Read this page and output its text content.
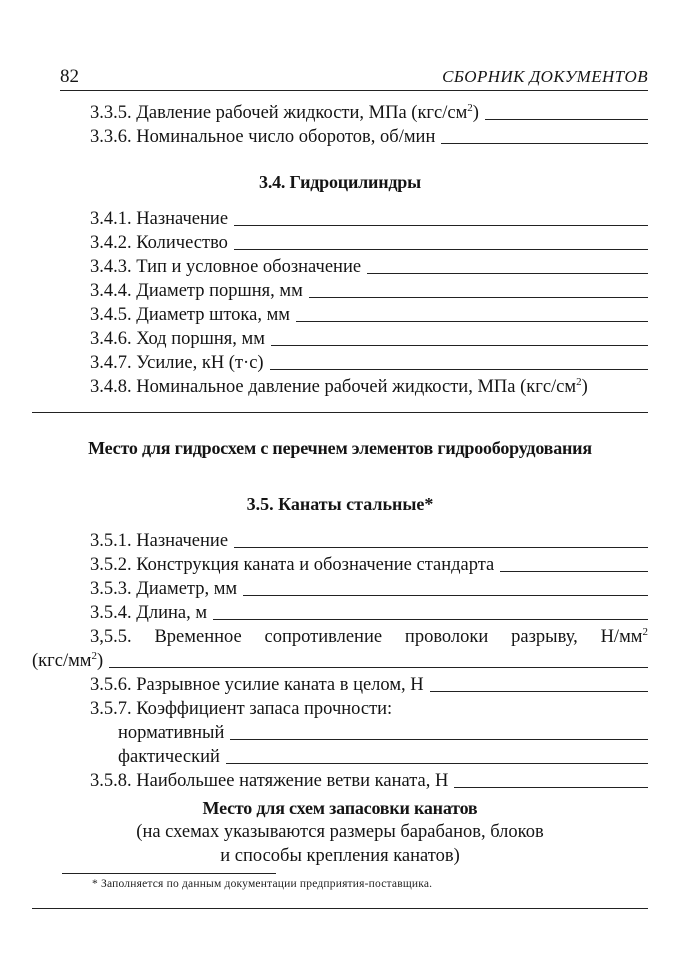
82	СБОРНИК ДОКУМЕНТОВ
3.3.5. Давление рабочей жидкости, МПа $(кгс/см^2)$
3.3.6. Номинальное число оборотов, об/мин
3.4. Гидроцилиндры
3.4.1. Назначение
3.4.2. Количество
3.4.3. Тип и условное обозначение
3.4.4. Диаметр поршня, мм
3.4.5. Диаметр штока, мм
3.4.6. Ход поршня, мм
3.4.7. Усилие, кН (т·с)
3.4.8. Номинальное давление рабочей жидкости, МПа $(кгс/см^2)$
Место для гидросхем с перечнем элементов гидрооборудования
3.5. Канаты стальные*
3.5.1. Назначение
3.5.2. Конструкция каната и обозначение стандарта
3.5.3. Диаметр, мм
3.5.4. Длина, м
3,5.5. Временное сопротивление проволоки разрыву, $Н/мм^2$
$(кгс/мм^2)$
3.5.6. Разрывное усилие каната в целом, Н
3.5.7. Коэффициент запаса прочности:
нормативный
фактический
3.5.8. Наибольшее натяжение ветви каната, Н
Место для схем запасовки канатов
(на схемах указываются размеры барабанов, блоков
и способы крепления канатов)
* Заполняется по данным документации предприятия-поставщика.
